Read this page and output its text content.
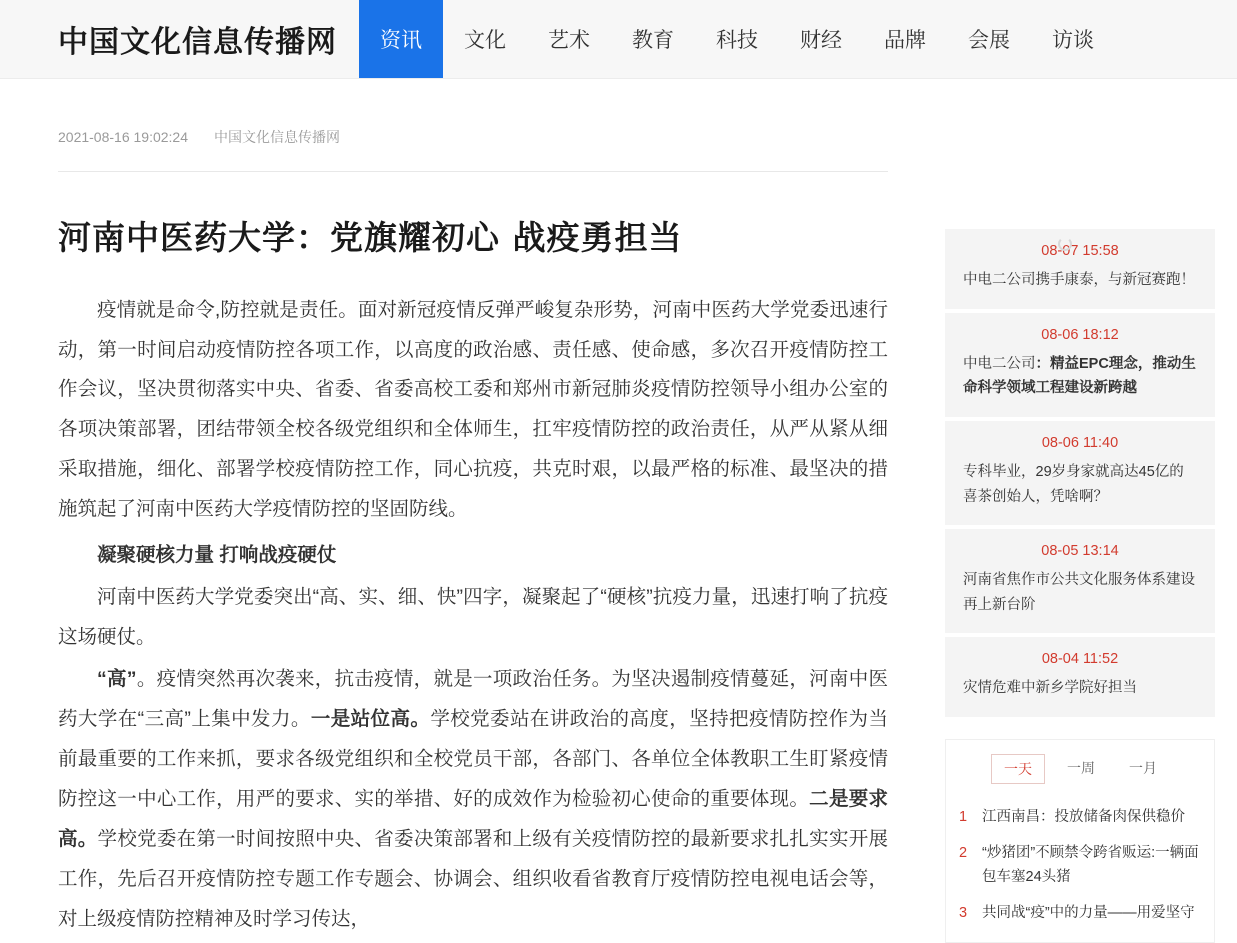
中国文化信息传播网	资讯	文化	艺术	教育	科技	财经	品牌	会展	访谈
2021-08-16 19:02:24 中国文化信息传播网
河南中医药大学：党旗耀初心 战疫勇担当

疫情就是命令,防控就是责任。面对新冠疫情反弹严峻复杂形势，河南中医药大学党委迅速行动，第一时间启动疫情防控各项工作，以高度的政治感、责任感、使命感，多次召开疫情防控工作会议，坚决贯彻落实中央、省委、省委高校工委和郑州市新冠肺炎疫情防控领导小组办公室的各项决策部署，团结带领全校各级党组织和全体师生，扛牢疫情防控的政治责任，从严从紧从细采取措施，细化、部署学校疫情防控工作，同心抗疫，共克时艰，以最严格的标准、最坚决的措施筑起了河南中医药大学疫情防控的坚固防线。

凝聚硬核力量 打响战疫硬仗

河南中医药大学党委突出“高、实、细、快”四字，凝聚起了“硬核”抗疫力量，迅速打响了抗疫这场硬仗。

“高”。疫情突然再次袭来，抗击疫情，就是一项政治任务。为坚决遏制疫情蔓延，河南中医药大学在“三高”上集中发力。一是站位高。学校党委站在讲政治的高度，坚持把疫情防控作为当前最重要的工作来抓，要求各级党组织和全校党员干部，各部门、各单位全体教职工生盯紧疫情防控这一中心工作，用严的要求、实的举措、好的成效作为检验初心使命的重要体现。二是要求高。学校党委在第一时间按照中央、省委决策部署和上级有关疫情防控的最新要求扎扎实实开展工作，先后召开疫情防控专题工作专题会、协调会、组织收看省教育厅疫情防控电视电话会等，对上级疫情防控精神及时学习传达，

08-07 15:58
中电二公司携手康泰，与新冠赛跑！
08-06 18:12
中电二公司：精益EPC理念，推动生命科学领域工程建设新跨越
08-06 11:40
专科毕业，29岁身家就高达45亿的喜茶创始人，凭啥啊？
08-05 13:14
河南省焦作市公共文化服务体系建设再上新台阶
08-04 11:52
灾情危难中新乡学院好担当
一天	一周	一月
1 江西南昌：投放储备肉保供稳价
2 “炒猪团”不顾禁令跨省贩运:一辆面包车塞24头猪
3 共同战“疫”中的力量——用爱坚守
